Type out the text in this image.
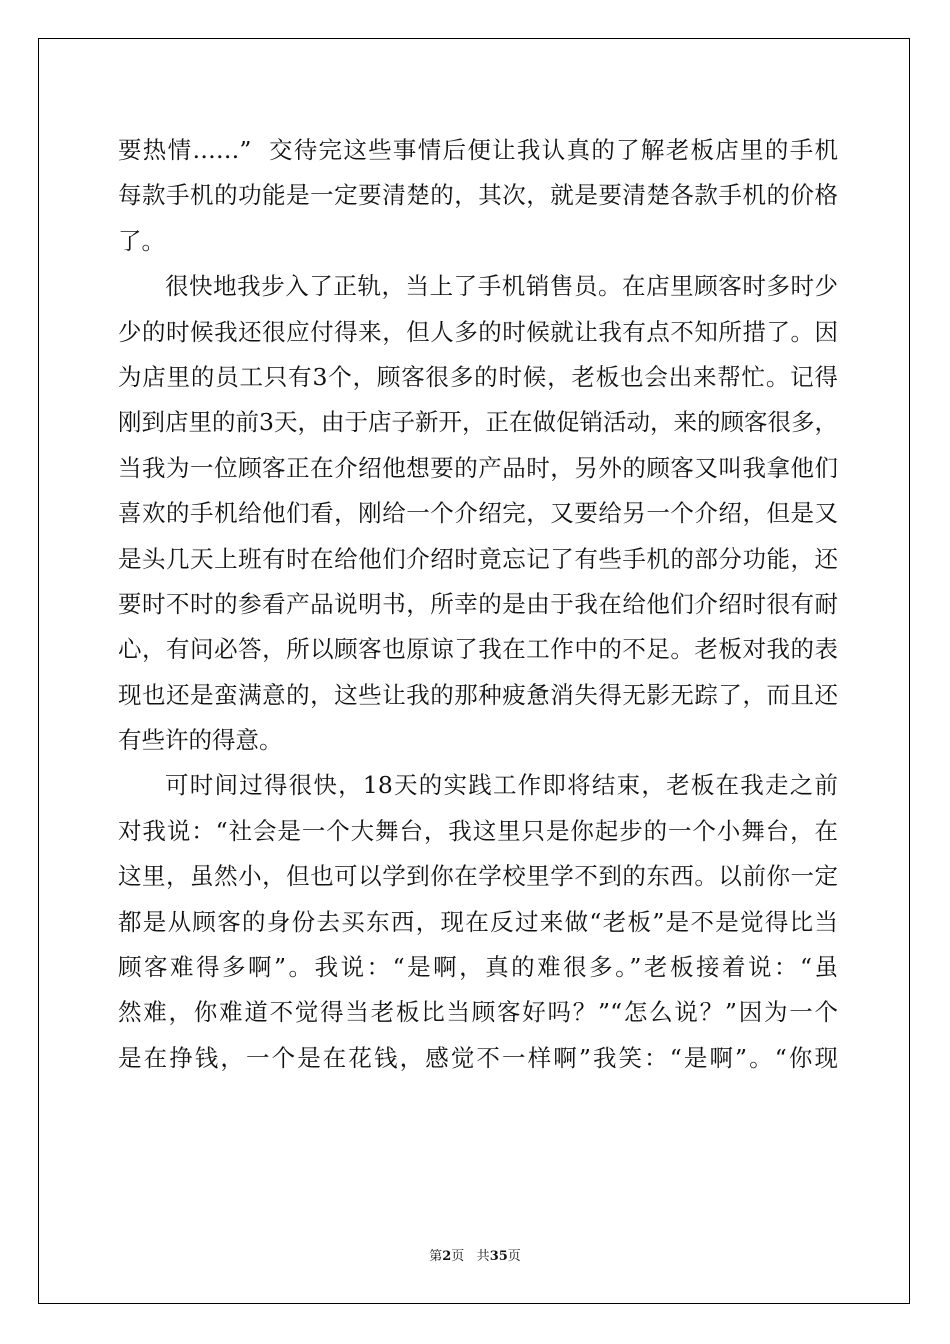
要热情……”  交待完这些事情后便让我认真的了解老板店里的手机
每款手机的功能是一定要清楚的，其次，就是要清楚各款手机的价格
了。
很快地我步入了正轨，当上了手机销售员。在店里顾客时多时少
少的时候我还很应付得来，但人多的时候就让我有点不知所措了。因
为店里的员工只有3个，顾客很多的时候，老板也会出来帮忙。记得
刚到店里的前3天，由于店子新开，正在做促销活动，来的顾客很多，
当我为一位顾客正在介绍他想要的产品时，另外的顾客又叫我拿他们
喜欢的手机给他们看，刚给一个介绍完，又要给另一个介绍，但是又
是头几天上班有时在给他们介绍时竟忘记了有些手机的部分功能，还
要时不时的参看产品说明书，所幸的是由于我在给他们介绍时很有耐
心，有问必答，所以顾客也原谅了我在工作中的不足。老板对我的表
现也还是蛮满意的，这些让我的那种疲惫消失得无影无踪了，而且还
有些许的得意。
可时间过得很快，18天的实践工作即将结束，老板在我走之前
对我说：“社会是一个大舞台，我这里只是你起步的一个小舞台，在
这里，虽然小，但也可以学到你在学校里学不到的东西。以前你一定
都是从顾客的身份去买东西，现在反过来做“老板”是不是觉得比当
顾客难得多啊”。我说：“是啊，真的难很多。”老板接着说：“虽
然难，你难道不觉得当老板比当顾客好吗？”“怎么说？”因为一个
是在挣钱，一个是在花钱，感觉不一样啊”我笑：“是啊”。“你现
第2页 共35页
